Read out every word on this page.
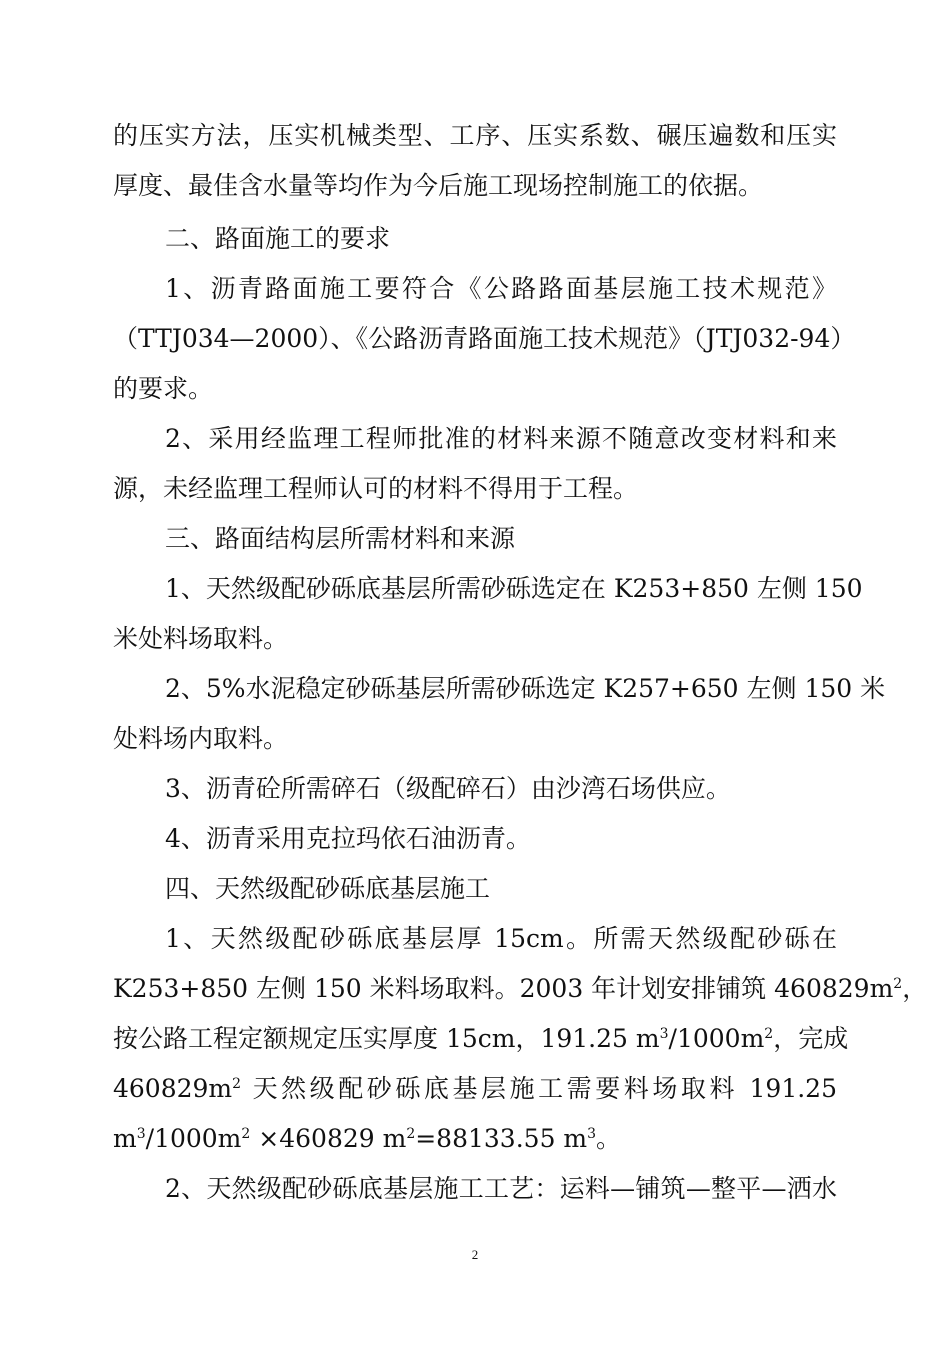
的压实方法，压实机械类型、工序、压实系数、碾压遍数和压实
厚度、最佳含水量等均作为今后施工现场控制施工的依据。
二、路面施工的要求
1、沥青路面施工要符合《公路路面基层施工技术规范》
（TTJ034—2000）、《公路沥青路面施工技术规范》（JTJ032-94）
的要求。
2、采用经监理工程师批准的材料来源不随意改变材料和来
源，未经监理工程师认可的材料不得用于工程。
三、路面结构层所需材料和来源
1、天然级配砂砾底基层所需砂砾选定在 K253+850 左侧 150
米处料场取料。
2、5%水泥稳定砂砾基层所需砂砾选定 K257+650 左侧 150 米
处料场内取料。
3、沥青砼所需碎石（级配碎石）由沙湾石场供应。
4、沥青采用克拉玛依石油沥青。
四、天然级配砂砾底基层施工
1、天然级配砂砾底基层厚 15cm。所需天然级配砂砾在
K253+850 左侧 150 米料场取料。2003 年计划安排铺筑 $460829m^2$，
按公路工程定额规定压实厚度 15cm，191.25 $m^3/1000m^2$，完成
$460829m^2$ 天然级配砂砾底基层施工需要料场取料 191.25
$m^3/1000m^2 \times 460829$ $m^2=88133.55$ $m^3$。
2、天然级配砂砾底基层施工工艺：运料—铺筑—整平—洒水
2
